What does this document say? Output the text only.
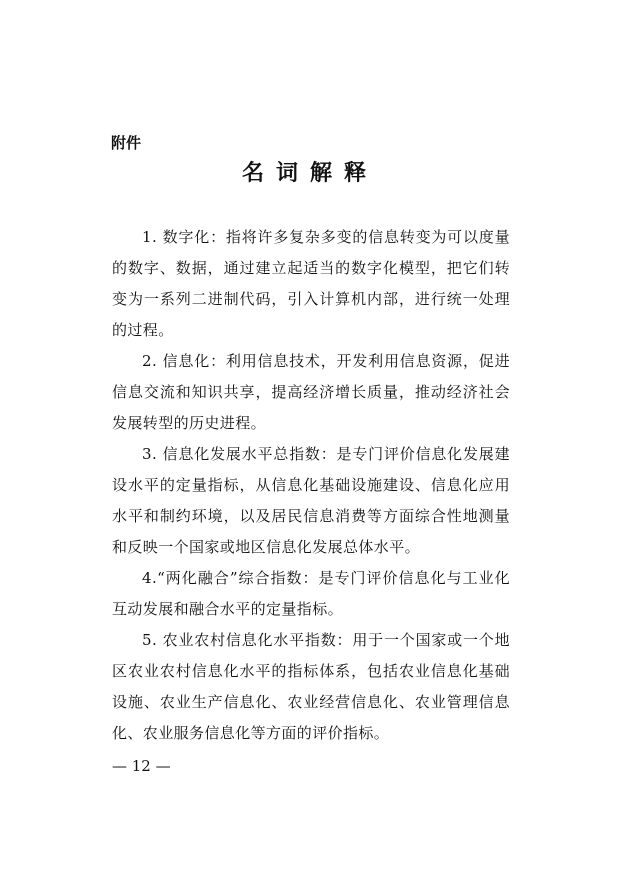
附件
名词解释

1. 数字化：指将许多复杂多变的信息转变为可以度量的数字、数据，通过建立起适当的数字化模型，把它们转变为一系列二进制代码，引入计算机内部，进行统一处理的过程。

2. 信息化：利用信息技术，开发利用信息资源，促进信息交流和知识共享，提高经济增长质量，推动经济社会发展转型的历史进程。

3. 信息化发展水平总指数：是专门评价信息化发展建设水平的定量指标，从信息化基础设施建设、信息化应用水平和制约环境，以及居民信息消费等方面综合性地测量和反映一个国家或地区信息化发展总体水平。

4.“两化融合”综合指数：是专门评价信息化与工业化互动发展和融合水平的定量指标。

5. 农业农村信息化水平指数：用于一个国家或一个地区农业农村信息化水平的指标体系，包括农业信息化基础设施、农业生产信息化、农业经营信息化、农业管理信息化、农业服务信息化等方面的评价指标。

— 12 —
